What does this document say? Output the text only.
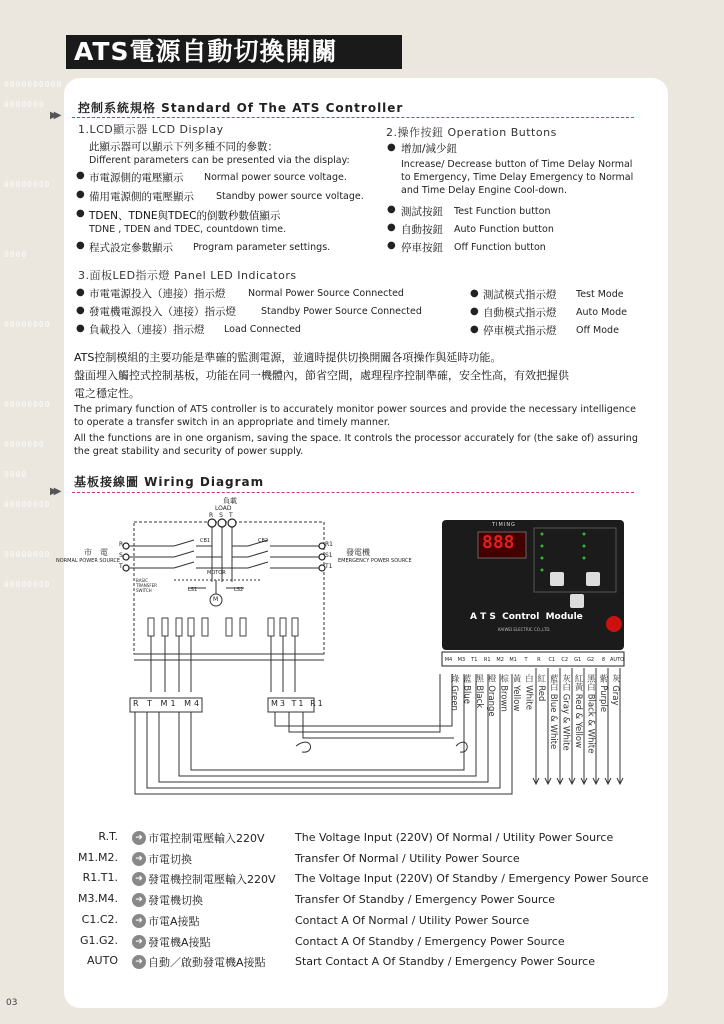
0000000000
0000000
00000000
0000
00000000
00000000
0000000
0000
00000000
00000000
00000000
03
ATS電源自動切換開關
▶▶
控制系統規格 Standard Of The ATS Controller
1.LCD顯示器 LCD Display
此顯示器可以顯示下列多種不同的參數：
Different parameters can be presented via the display:
● 市電源側的電壓顯示 Normal power source voltage.
● 備用電源側的電壓顯示 Standby power source voltage.
● TDEN、TDNE與TDEC的倒數秒數值顯示
TDNE , TDEN and TDEC, countdown time.
● 程式設定參數顯示 Program parameter settings.
2.操作按鈕 Operation Buttons
● 增加/減少鈕
Increase/ Decrease button of Time Delay Normal
to Emergency, Time Delay Emergency to Normal
and Time Delay Engine Cool-down.
● 測試按鈕 Test Function button
● 自動按鈕 Auto Function button
● 停車按鈕 Off Function button
3.面板LED指示燈 Panel LED Indicators
● 市電電源投入（連接）指示燈 Normal Power Source Connected
● 發電機電源投入（連接）指示燈	Standby Power Source Connected
● 負載投入（連接）指示燈 Load Connected
● 測試模式指示燈 Test Mode
● 自動模式指示燈 Auto Mode
● 停車模式指示燈 Off Mode
ATS控制模組的主要功能是準確的監測電源，並適時提供切換開關各項操作與延時功能。
盤面埋入觸控式控制基板，功能在同一機體內，節省空間，處理程序控制準確，安全性高，有效把握供
電之穩定性。
The primary function of ATS controller is to accurately monitor power sources and provide the necessary intelligence
to operate a transfer switch in an appropriate and timely manner.
All the functions are in one organism, saving the space. It controls the processor accurately for (the sake of) assuring
the great stability and security of power supply.
基板接線圖 Wiring Diagram
▶▶
負載
LOAD
RST
市　電
NORMAL POWER SOURCE
發電機
EMERGENCY POWER SOURCE
R
S
T
R1
S1
T1
CB1	CB2
MOTOR
M
LS1	LS2
BASIC
TRANSFER
SWITCH
R T M1 M4	M3 T1 R1
TIMING
888
A T S  Control  Module
KAIWEI ELECTRIC CO.,LTD.
M4	M3	T1	R1	M2	M1	T	R	C1	C2	G1	G2	8 AUTO
綠 Green 藍 Blue 黑 Black 橙 Orange 棕 Brown 黃 Yellow 白 White 紅 Red 藍白 Blue & White 灰白 Gray & White 紅黃 Red & Yellow 黑白 Black & White 紫 Purple 灰 Gray
R.T.	➜ 市電控制電壓輸入220V	The Voltage Input (220V) Of Normal / Utility Power Source
M1.M2.	➜ 市電切換	Transfer Of Normal / Utility Power Source
R1.T1.	➜ 發電機控制電壓輸入220V The Voltage Input (220V) Of Standby / Emergency Power Source
M3.M4.	➜ 發電機切換	Transfer Of Standby / Emergency Power Source
C1.C2.	➜ 市電A接點	Contact A Of Normal / Utility Power Source
G1.G2.	➜ 發電機A接點	Contact A Of Standby / Emergency Power Source
AUTO	➜ 自動／啟動發電機A接點	Start Contact A Of Standby / Emergency Power Source
